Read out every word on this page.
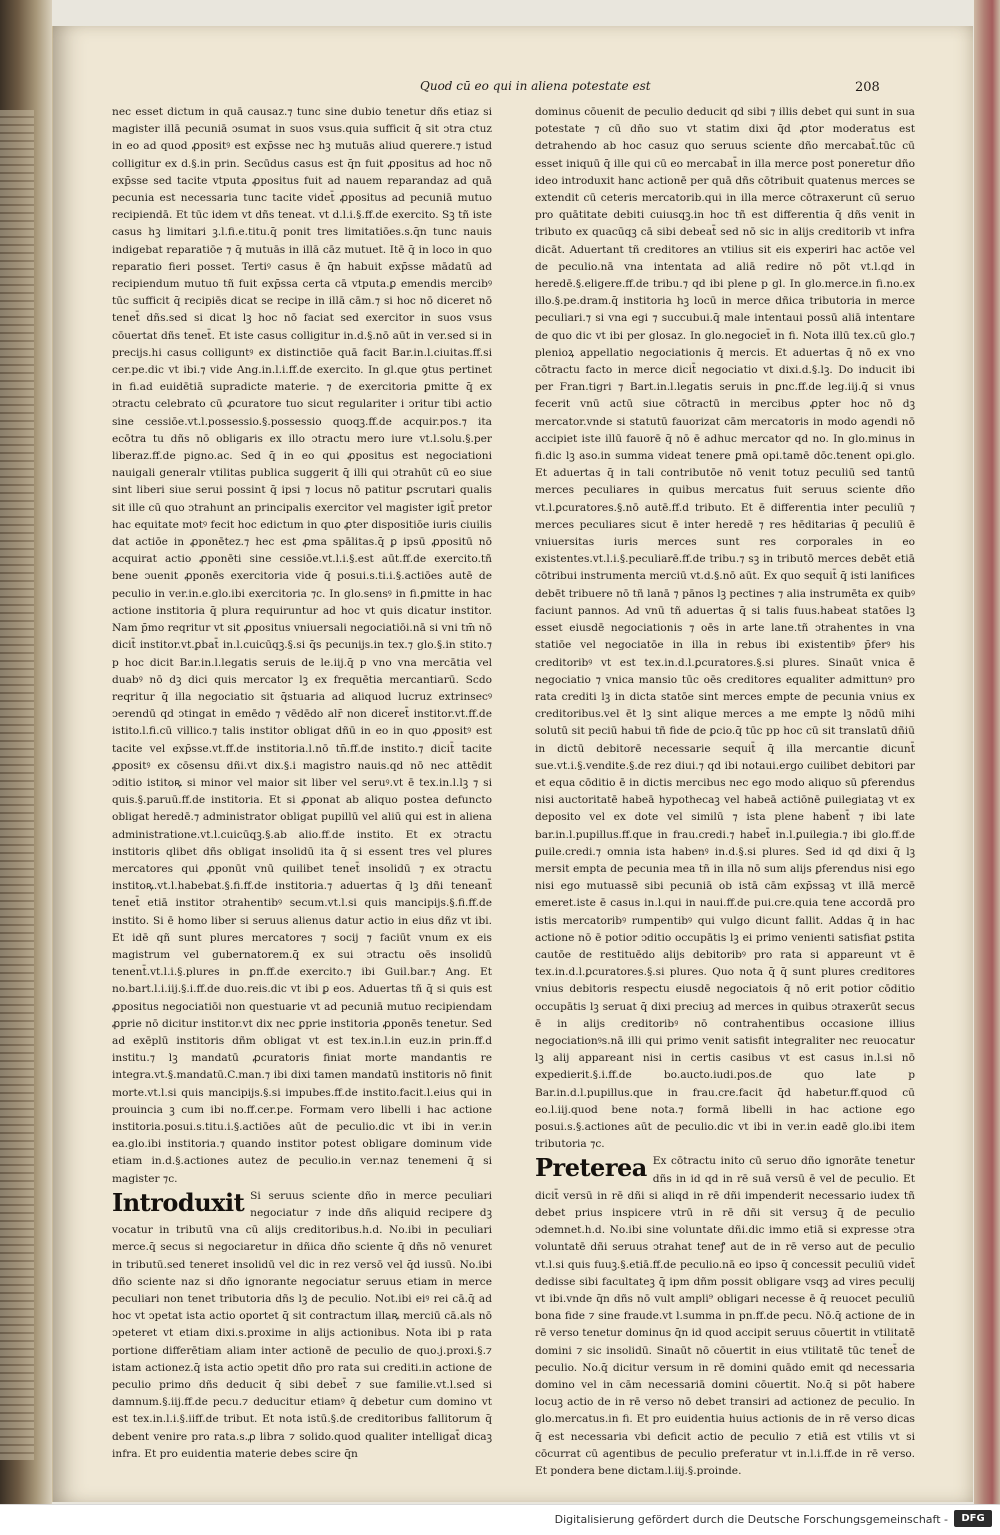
Quod cū eo qui in aliena potestate est	208

nec esset dictum in quā causaz.⁊ tunc sine dubio tenetur dñs etiaz si magister illā pecuniā ↄsumat in suos vsus.quia sufficit q̄ sit ↄtra ctuz in eo ad quod ꝓpositꝰ est exp̄sse nec hꝫ mutuās aliud querere.⁊ istud colligitur ex d.§.in prin. Secūdus casus est q̄n fuit ꝓpositus ad hoc nō exp̄sse sed tacite vtputa ꝓpositus fuit ad nauem reparandaz ad quā pecunia est necessaria tunc tacite videt̄ ꝓpositus ad pecuniā mutuo recipiendā. Et tūc idem vt dñs teneat. vt d.l.i.§.ff.de exercito. Sꝫ tñ iste casus hꝫ limitari ꝫ.l.fi.e.titu.q̄ ponit tres limitatiōes.s.q̄n tunc nauis indigebat reparatiōe ⁊ q̄ mutuās in illā cāz mutuet. Itē q̄ in loco in quo reparatio fieri posset. Tertiꝰ casus ē q̄n habuit exp̄sse mādatū ad recipiendum mutuo tñ fuit exp̄ssa certa cā vtputa.ꝑ emendis mercibꝰ tūc sufficit q̄ recipiēs dicat se recipe in illā cām.⁊ si hoc nō diceret nō tenet̄ dñs.sed si dicat lꝫ hoc nō faciat sed exercitor in suos vsus cōuertat dñs tenet̄. Et iste casus colligitur in.d.§.nō aūt in ver.sed si in precijs.hi casus colliguntꝰ ex distinctiōe quā facit Bar.in.l.ciuitas.ff.si cer.pe.dic vt ibi.⁊ vide Ang.in.l.i.ff.de exercito. In gl.que ꝯtus pertinet in fi.ad euidētiā supradicte materie. ⁊ de exercitoria ꝑmitte q̄ ex ↄtractu celebrato cū ꝓcuratore tuo sicut regulariter i ↄritur tibi actio sine cessiōe.vt.l.possessio.§.possessio quoqꝫ.ff.de acquir.pos.⁊ ita ecōtra tu dñs nō obligaris ex illo ↄtractu mero iure vt.l.solu.§.per liberaz.ff.de pigno.ac. Sed q̄ in eo qui ꝓpositus est negociationi nauigali generalr vtilitas publica suggerit q̄ illi qui ↄtrahūt cū eo siue sint liberi siue serui possint q̄ ipsi ⁊ locus nō patitur ꝑscrutari qualis sit ille cū quo ↄtrahunt an principalis exercitor vel magister igit̄ pretor hac equitate motꝰ fecit hoc edictum in quo ꝓter dispositiōe iuris ciuilis dat actiōe in ꝓponētez.⁊ hec est ꝓma spālitas.q̄ ꝑ ipsū ꝓpositū nō acquirat actio ꝓponēti sine cessiōe.vt.l.i.§.est aūt.ff.de exercito.tñ bene ↄuenit ꝓponēs exercitoria vide q̄ posui.s.ti.i.§.actiōes autē de peculio in ver.in.e.glo.ibi exercitoria ⁊c. In glo.sensꝰ in fi.ꝑmitte in hac actione institoria q̄ plura requiruntur ad hoc vt quis dicatur institor. Nam p̄mo reqritur vt sit ꝓpositus vniuersali negociatiōi.nā si vni tm̄ nō dicit̄ institor.vt.ꝑbat̄ in.l.cuicūqꝫ.§.si q̄s pecunijs.in tex.⁊ glo.§.in stito.⁊ p hoc dicit Bar.in.l.legatis seruis de le.iij.q̄ p vno vna mercātia vel duabꝰ nō dꝫ dici quis mercator lꝫ ex frequētia mercantiarū. Scdo reqritur q̄ illa negociatio sit q̄stuaria ad aliquod lucruz extrinsecꝰ ↄerendū qd ↄtingat in emēdo ⁊ vēdēdo alr̄ non diceret̄ institor.vt.ff.de istito.l.fi.cū villico.⁊ talis institor obligat dñū in eo in quo ꝓpositꝰ est tacite vel exp̄sse.vt.ff.de institoria.l.nō tn̄.ff.de instito.⁊ dicit̄ tacite ꝓpositꝰ ex cōsensu dñi.vt dix.§.i magistro nauis.qd nō nec attēdit ↄditio istitoꝶ si minor vel maior sit liber vel seruꝰ.vt ē tex.in.l.lꝫ ⁊ si quis.§.paruū.ff.de institoria. Et si ꝓponat ab aliquo postea defuncto obligat heredē.⁊ administrator obligat pupillū vel aliū qui est in aliena administratione.vt.l.cuicūqꝫ.§.ab alio.ff.de instito. Et ex ↄtractu institoris qlibet dñs obligat insolidū ita q̄ si essent tres vel plures mercatores qui ꝓponūt vnū quilibet tenet̄ insolidū ⁊ ex ↄtractu institoꝶ.vt.l.habebat.§.fi.ff.de institoria.⁊ aduertas q̄ lꝫ dñi teneant̄ tenet̄ etiā institor ↄtrahentibꝰ secum.vt.l.si quis mancipijs.§.fi.ff.de instito. Si ē homo liber si seruus alienus datur actio in eius dñz vt ibi. Et idē qñ sunt plures mercatores ⁊ socij ⁊ faciūt vnum ex eis magistrum vel gubernatorem.q̄ ex sui ↄtractu oēs insolidū tenent̄.vt.l.i.§.plures in ꝑn.ff.de exercito.⁊ ibi Guil.bar.⁊ Ang. Et no.bart.l.i.iij.§.i.ff.de duo.reis.dic vt ibi ꝑ eos. Aduertas tñ q̄ si quis est ꝓpositus negociatiōi non questuarie vt ad pecuniā mutuo recipiendam ꝓprie nō dicitur institor.vt dix nec ꝑprie institoria ꝓponēs tenetur. Sed ad exēplū institoris dñm obligat vt est tex.in.l.in euz.in prin.ff.d institu.⁊ lꝫ mandatū ꝓcuratoris finiat morte mandantis re integra.vt.§.mandatū.C.man.⁊ ibi dixi tamen mandatū institoris nō finit morte.vt.l.si quis mancipijs.§.si impubes.ff.de instito.facit.l.eius qui in prouincia ꝫ cum ibi no.ff.cer.pe. Formam vero libelli i hac actione institoria.posui.s.titu.i.§.actiōes aūt de peculio.dic vt ibi in ver.in ea.glo.ibi institoria.⁊ quando institor potest obligare dominum vide etiam in.d.§.actiones autez de peculio.in ver.naz tenemeni q̄ si magister ⁊c.

Introduxit Si seruus sciente dño in merce peculiari negociatur ⁊ inde dñs aliquid recipere dꝫ vocatur in tributū vna cū alijs creditoribus.h.d. No.ibi in peculiari merce.q̄ secus si negociaretur in dñica dño sciente q̄ dñs nō venuret in tributū.sed teneret insolidū vel dic in rez versō vel q̄d iussū. No.ibi dño sciente naz si dño ignorante negociatur seruus etiam in merce peculiari non tenet tributoria dñs lꝫ de peculio. Not.ibi eiꝰ rei cā.q̄ ad hoc vt ↄpetat ista actio oportet q̄ sit contractum illaꝶ merciū cā.als nō ↄpeteret vt etiam dixi.s.proxime in alijs actionibus. Nota ibi p rata portione differētiam aliam inter actionē de peculio de quo.j.proxi.§.⁊ istam actionez.q̄ ista actio ↄpetit dño pro rata sui crediti.in actione de peculio primo dñs deducit q̄ sibi debet̄ ⁊ sue familie.vt.l.sed si damnum.§.iij.ff.de pecu.⁊ deducitur etiamꝰ q̄ debetur cum domino vt est tex.in.l.i.§.iiff.de tribut. Et nota istū.§.de creditoribus fallitorum q̄ debent venire pro rata.s.ꝓ libra ⁊ solido.quod qualiter intelligat̄ dicaꝫ infra. Et pro euidentia materie debes scire q̄n

dominus cōuenit de peculio deducit qd sibi ⁊ illis debet qui sunt in sua potestate ⁊ cū dño suo vt statim dixi q̄d ꝓtor moderatus est detrahendo ab hoc casuz quo seruus sciente dño mercabat̄.tūc cū esset iniquū q̄ ille qui cū eo mercabat̄ in illa merce post poneretur dño ideo introduxit hanc actionē per quā dñs cōtribuit quatenus merces se extendit cū ceteris mercatorib.qui in illa merce cōtraxerunt cū seruo pro quātitate debiti cuiusqꝫ.in hoc tñ est differentia q̄ dñs venit in tributo ex quacūqꝫ cā sibi debeat̄ sed nō sic in alijs creditorib vt infra dicāt. Aduertant tñ creditores an vtilius sit eis experiri hac actōe vel de peculio.nā vna intentata ad aliā redire nō pōt vt.l.qd in heredē.§.eligere.ff.de tribu.⁊ qd ibi plene p gl. In glo.merce.in fi.no.ex illo.§.pe.dram.q̄ institoria hꝫ locū in merce dñica tributoria in merce peculiari.⁊ si vna egi ⁊ succubui.q̄ male intentaui possū aliā intentare de quo dic vt ibi per glosaz. In glo.negociet̄ in fi. Nota illū tex.cū glo.⁊ plenioꝝ appellatio negociationis q̄ mercis. Et aduertas q̄ nō ex vno cōtractu facto in merce dicit̄ negociatio vt dixi.d.§.lꝫ. Do inducit ibi per Fran.tigri ⁊ Bart.in.l.legatis seruis in ꝑnc.ff.de leg.iij.q̄ si vnus fecerit vnū actū siue cōtractū in mercibus ꝓpter hoc nō dꝫ mercator.vnde si statutū fauorizat cām mercatoris in modo agendi nō accipiet iste illū fauorē q̄ nō ē adhuc mercator qd no. In glo.minus in fi.dic lꝫ aso.in summa videat tenere ꝑmā opi.tamē dōc.tenent opi.glo. Et aduertas q̄ in tali contributōe nō venit totuz peculiū sed tantū merces peculiares in quibus mercatus fuit seruus sciente dño vt.l.ꝑcuratores.§.nō autē.ff.d tributo. Et ē differentia inter peculiū ⁊ merces peculiares sicut ē inter heredē ⁊ res hēditarias q̄ peculiū ē vniuersitas iuris merces sunt res corporales in eo existentes.vt.l.i.§.peculiarē.ff.de tribu.⁊ sꝫ in tributō merces debēt etiā cōtribui instrumenta merciū vt.d.§.nō aūt. Ex quo sequit̄ q̄ isti lanifices debēt tribuere nō tñ lanā ⁊ pānos lꝫ pectines ⁊ alia instrumēta ex quibꝰ faciunt pannos. Ad vnū tñ aduertas q̄ si talis fuus.habeat statōes lꝫ esset eiusdē negociationis ⁊ oēs in arte lane.tñ ↄtrahentes in vna statiōe vel negociatōe in illa in rebus ibi existentibꝰ p̄ferꝰ his creditoribꝰ vt est tex.in.d.l.ꝑcuratores.§.si plures. Sinaūt vnica ē negociatio ⁊ vnica mansio tūc oēs creditores equaliter admittunꝰ pro rata crediti lꝫ in dicta statōe sint merces empte de pecunia vnius ex creditoribus.vel ēt lꝫ sint alique merces a me empte lꝫ nōdū mihi solutū sit peciū habui tñ fide de ꝑcio.q̄ tūc pp hoc cū sit translatū dñiū in dictū debitorē necessarie sequit̄ q̄ illa mercantie dicunt̄ sue.vt.i.§.vendite.§.de rez diui.⁊ qd ibi notaui.ergo cuilibet debitori par et equa cōditio ē in dictis mercibus nec ego modo aliquo sū ꝑferendus nisi auctoritatē habeā hypothecaꝫ vel habeā actiōnē ꝑuilegiataꝫ vt ex deposito vel ex dote vel similū ⁊ ista plene habent̄ ⁊ ibi late bar.in.l.pupillus.ff.que in frau.credi.⁊ habet̄ in.l.ꝑuilegia.⁊ ibi glo.ff.de ꝑuile.credi.⁊ omnia ista habenꝰ in.d.§.si plures. Sed id qd dixi q̄ lꝫ mersit empta de pecunia mea tñ in illa nō sum alijs ꝑferendus nisi ego nisi ego mutuassē sibi pecuniā ob istā cām exp̄ssaꝫ vt illā mercē emeret.iste ē casus in.l.qui in naui.ff.de pui.cre.quia tene accordā pro istis mercatoribꝰ rumpentibꝰ qui vulgo dicunt fallit. Addas q̄ in hac actione nō ē potior ↄditio occupātis lꝫ ei primo venienti satisfiat ꝑstita cautōe de restituēdo alijs debitoribꝰ pro rata si appareunt vt ē tex.in.d.l.ꝑcuratores.§.si plures. Quo nota q̄ q̄ sunt plures creditores vnius debitoris respectu eiusdē negociatois q̄ nō erit potior cōditio occupātis lꝫ seruat q̄ dixi preciuꝫ ad merces in quibus ↄtraxerūt secus ē in alijs creditoribꝰ nō contrahentibus occasione illius negociationꝰs.nā illi qui primo venit satisfit integraliter nec reuocatur lꝫ alij appareant nisi in certis casibus vt est casus in.l.si nō expedierit.§.i.ff.de bo.aucto.iudi.pos.de quo late p Bar.in.d.l.pupillus.que in frau.cre.facit q̄d habetur.ff.quod cū eo.l.iij.quod bene nota.⁊ formā libelli in hac actione ego posui.s.§.actiones aūt de peculio.dic vt ibi in ver.in eadē glo.ibi item tributoria ⁊c.

Preterea Ex cōtractu inito cū seruo dño ignorāte tenetur dñs in id qd in rē suā versū ē vel de peculio. Et dicit̄ versū in rē dñi si aliqd in rē dñi impenderit necessario iudex tñ debet prius inspicere vtrū in rē dñi sit versuꝫ q̄ de peculio ↄdemnet.h.d. No.ibi sine voluntate dñi.dic immo etiā si expresse ↄtra voluntatē dñi seruus ↄtrahat teneꝭ aut de in rē verso aut de peculio vt.l.si quis fuuꝫ.§.etiā.ff.de peculio.nā eo ipso q̄ concessit peculiū videt̄ dedisse sibi facultateꝫ q̄ ipm dñm possit obligare vsqꝫ ad vires peculij vt ibi.vnde q̄n dñs nō vult ampli⁹ obligari necesse ē q̄ reuocet peculiū bona fide ⁊ sine fraude.vt l.summa in pn.ff.de pecu. Nō.q̄ actione de in rē verso tenetur dominus q̄n id quod accipit seruus cōuertit in vtilitatē domini ⁊ sic insolidū. Sinaūt nō cōuertit in eius vtilitatē tūc tenet̄ de peculio. No.q̄ dicitur versum in rē domini quādo emit qd necessaria domino vel in cām necessariā domini cōuertit. No.q̄ si pōt habere locuꝫ actio de in rē verso nō debet transiri ad actionez de peculio. In glo.mercatus.in fi. Et pro euidentia huius actionis de in rē verso dicas q̄ est necessaria vbi deficit actio de peculio ⁊ etiā est vtilis vt si cōcurrat cū agentibus de peculio preferatur vt in.l.i.ff.de in rē verso. Et pondera bene dictam.l.iij.§.proinde.

Digitalisierung gefördert durch die Deutsche Forschungsgemeinschaft -	DFG
